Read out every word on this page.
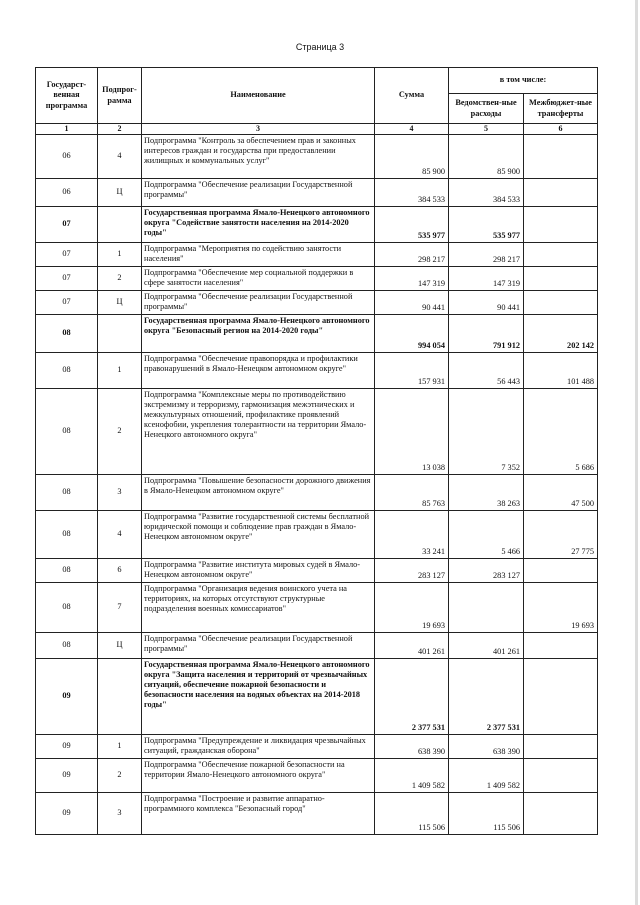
Страница 3
Государст-венная программа	Подпрог-рамма	Наименование	Сумма	в том числе:	
				Ведомствен-ные расходы	Межбюджет-ные трансферты
1	2	3	4	5	6
06	4	Подпрограмма "Контроль за обеспечением прав и законных интересов граждан и государства при предоставлении жилищных и коммунальных услуг"	85 900	85 900	
06	Ц	Подпрограмма "Обеспечение реализации Государственной программы"	384 533	384 533	
07		Государственная программа Ямало-Ненецкого автономного округа "Содействие занятости населения на 2014-2020 годы"	535 977	535 977	
07	1	Подпрограмма "Мероприятия по содействию занятости населения"	298 217	298 217	
07	2	Подпрограмма "Обеспечение мер социальной поддержки в сфере занятости населения"	147 319	147 319	
07	Ц	Подпрограмма "Обеспечение реализации Государственной программы"	90 441	90 441	
08		Государственная программа Ямало-Ненецкого автономного округа "Безопасный регион на 2014-2020 годы"	994 054	791 912	202 142
08	1	Подпрограмма "Обеспечение правопорядка и профилактики правонарушений в Ямало-Ненецком автономном округе"	157 931	56 443	101 488
08	2	Подпрограмма "Комплексные меры по противодействию экстремизму и терроризму, гармонизация межэтнических и межкультурных отношений, профилактике проявлений ксенофобии, укрепления толерантности на территории Ямало-Ненецкого автономного округа"	13 038	7 352	5 686
08	3	Подпрограмма "Повышение безопасности дорожного движения в Ямало-Ненецком автономном округе"	85 763	38 263	47 500
08	4	Подпрограмма "Развитие государственной системы бесплатной юридической помощи и соблюдение прав граждан в Ямало-Ненецком автономном округе"	33 241	5 466	27 775
08	6	Подпрограмма "Развитие института мировых судей в Ямало-Ненецком автономном округе"	283 127	283 127	
08	7	Подпрограмма "Организация ведения воинского учета на территориях, на которых отсутствуют структурные подразделения военных комиссариатов"	19 693		19 693
08	Ц	Подпрограмма "Обеспечение реализации Государственной программы"	401 261	401 261	
09		Государственная программа Ямало-Ненецкого автономного округа "Защита населения и территорий от чрезвычайных ситуаций, обеспечение пожарной безопасности и безопасности населения на водных объектах на 2014-2018 годы"	2 377 531	2 377 531	
09	1	Подпрограмма "Предупреждение и ликвидация чрезвычайных ситуаций, гражданская оборона"	638 390	638 390	
09	2	Подпрограмма "Обеспечение пожарной безопасности на территории Ямало-Ненецкого автономного округа"	1 409 582	1 409 582	
09	3	Подпрограмма "Построение и развитие аппаратно-программного комплекса "Безопасный город"	115 506	115 506	
